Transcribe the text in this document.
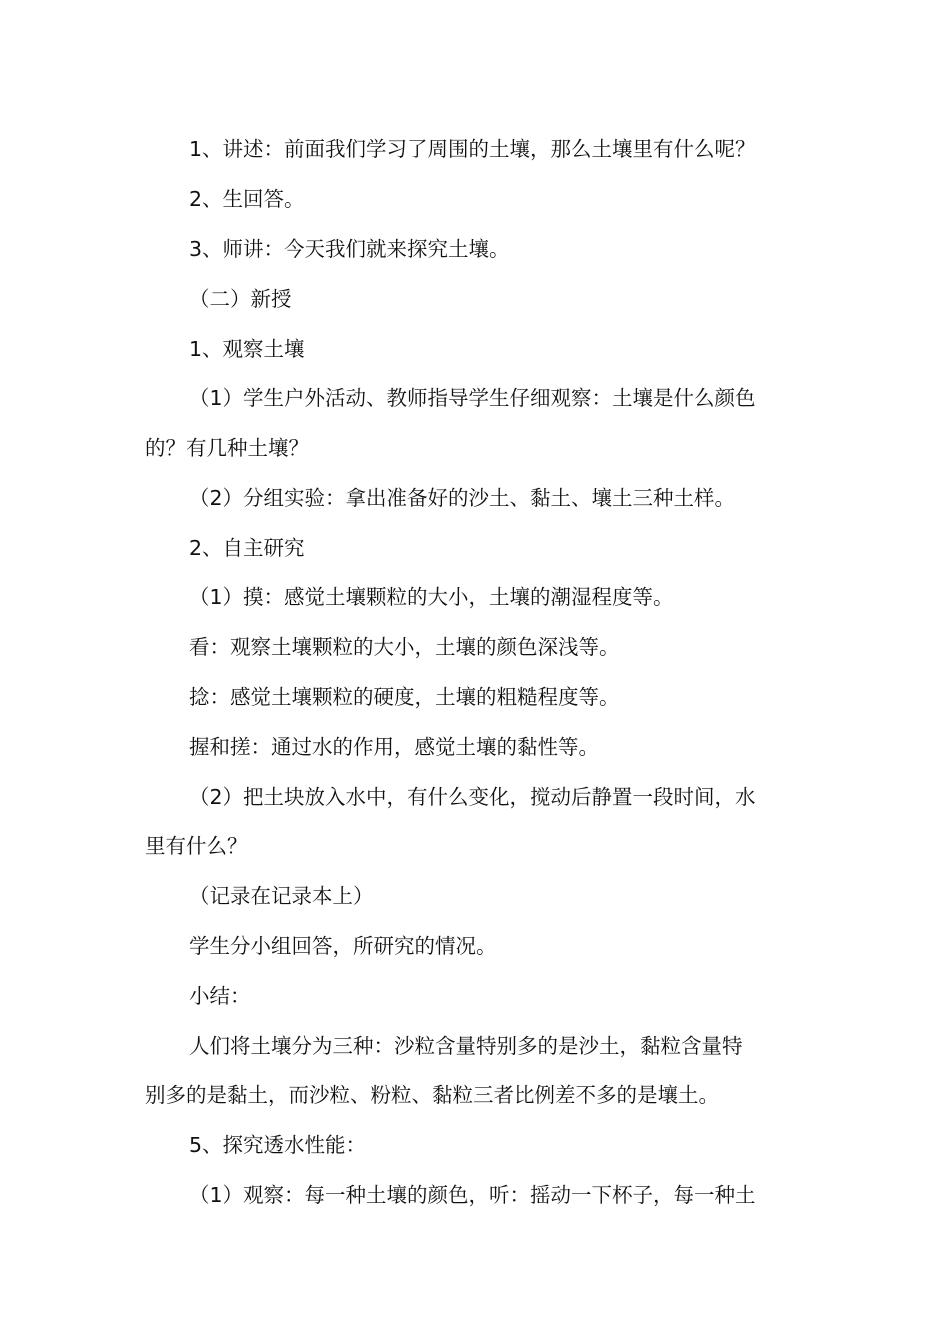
1、讲述：前面我们学习了周围的土壤，那么土壤里有什么呢？
2、生回答。
3、师讲：今天我们就来探究土壤。
（二）新授
1、观察土壤
（1）学生户外活动、教师指导学生仔细观察：土壤是什么颜色
的？有几种土壤？
（2）分组实验：拿出准备好的沙土、黏土、壤土三种土样。
2、自主研究
（1）摸：感觉土壤颗粒的大小，土壤的潮湿程度等。
看：观察土壤颗粒的大小，土壤的颜色深浅等。
捻：感觉土壤颗粒的硬度，土壤的粗糙程度等。
握和搓：通过水的作用，感觉土壤的黏性等。
（2）把土块放入水中，有什么变化，搅动后静置一段时间，水
里有什么？
（记录在记录本上）
学生分小组回答，所研究的情况。
小结：
人们将土壤分为三种：沙粒含量特别多的是沙土，黏粒含量特
别多的是黏土，而沙粒、粉粒、黏粒三者比例差不多的是壤土。
5、探究透水性能：
（1）观察：每一种土壤的颜色，听：摇动一下杯子，每一种土
